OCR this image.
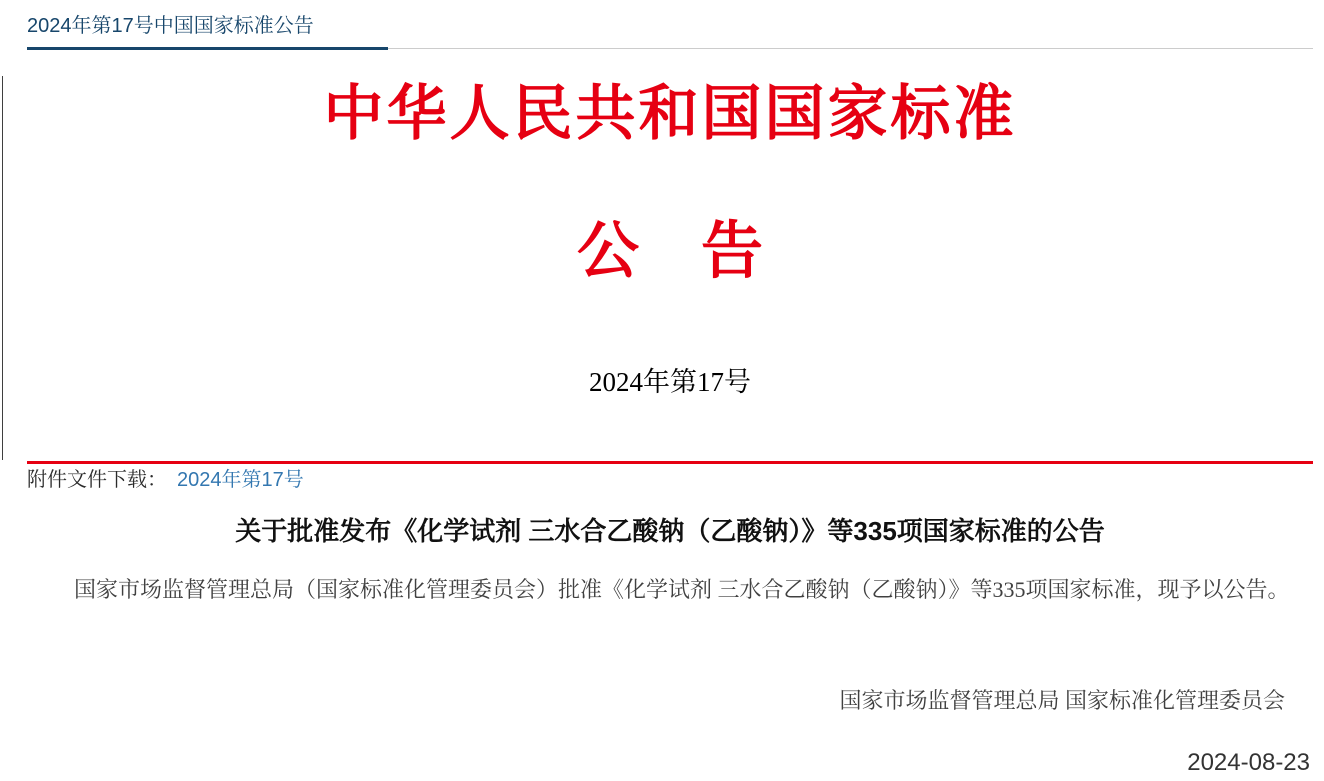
2024年第17号中国国家标准公告
中华人民共和国国家标准
公　告
2024年第17号
附件文件下载： 2024年第17号
关于批准发布《化学试剂 三水合乙酸钠（乙酸钠）》等335项国家标准的公告

国家市场监督管理总局（国家标准化管理委员会）批准《化学试剂 三水合乙酸钠（乙酸钠）》等335项国家标准，现予以公告。

国家市场监督管理总局 国家标准化管理委员会
2024-08-23
